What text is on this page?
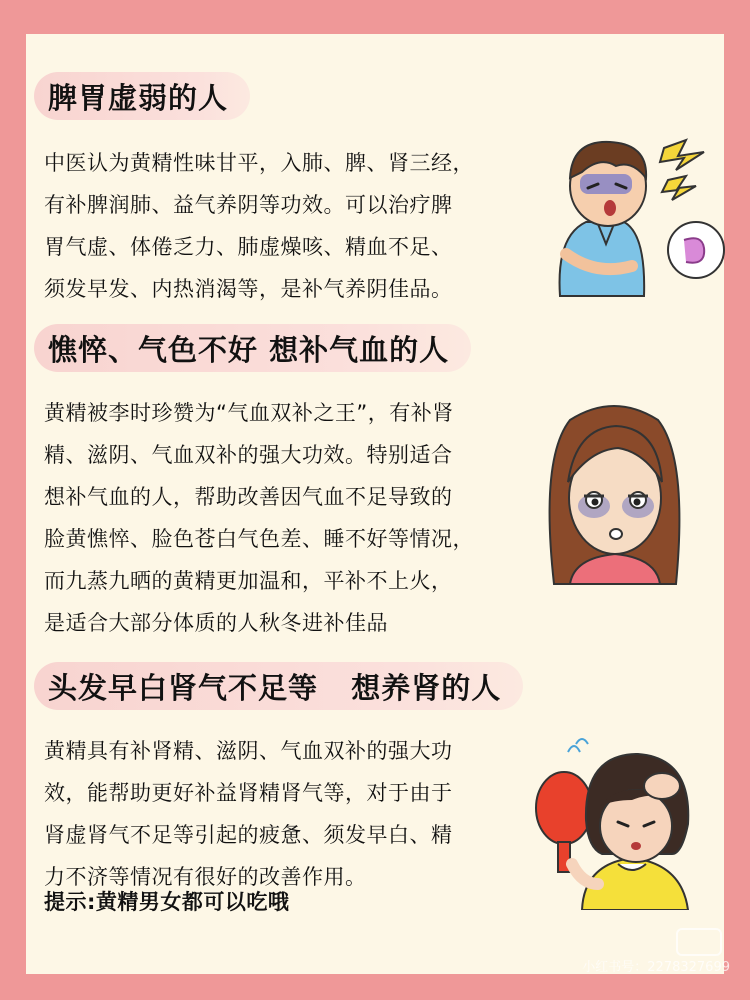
脾胃虚弱的人
中医认为黄精性味甘平，入肺、脾、肾三经，
有补脾润肺、益气养阴等功效。可以治疗脾
胃气虚、体倦乏力、肺虚燥咳、精血不足、
须发早发、内热消渴等，是补气养阴佳品。
憔悴、气色不好 想补气血的人
黄精被李时珍赞为“气血双补之王”，有补肾
精、滋阴、气血双补的强大功效。特别适合
想补气血的人，帮助改善因气血不足导致的
脸黄憔悴、脸色苍白气色差、睡不好等情况，
而九蒸九晒的黄精更加温和，平补不上火，
是适合大部分体质的人秋冬进补佳品
头发早白肾气不足等   想养肾的人
黄精具有补肾精、滋阴、气血双补的强大功
效，能帮助更好补益肾精肾气等，对于由于
肾虚肾气不足等引起的疲惫、须发早白、精
力不济等情况有很好的改善作用。
提示:黄精男女都可以吃哦
小红书号：2278327699
